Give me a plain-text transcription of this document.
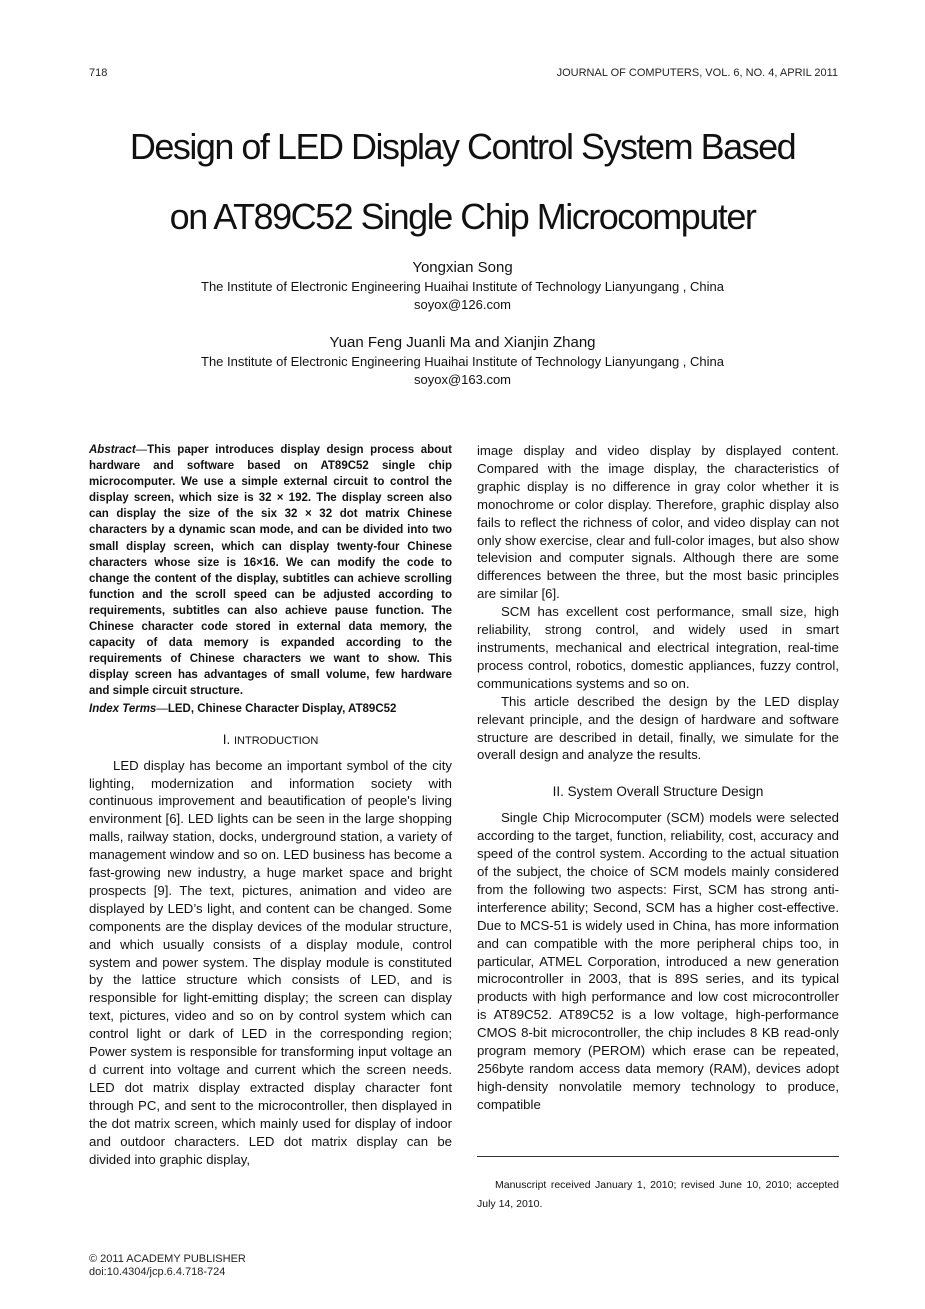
718	JOURNAL OF COMPUTERS, VOL. 6, NO. 4, APRIL 2011
Design of LED Display Control System Based
on AT89C52 Single Chip Microcomputer
Yongxian Song
The Institute of Electronic Engineering Huaihai Institute of Technology Lianyungang , China
soyox@126.com
Yuan Feng Juanli Ma and Xianjin Zhang
The Institute of Electronic Engineering Huaihai Institute of Technology Lianyungang , China
soyox@163.com

Abstract—This paper introduces display design process about hardware and software based on AT89C52 single chip microcomputer. We use a simple external circuit to control the display screen, which size is 32 × 192. The display screen also can display the size of the six 32 × 32 dot matrix Chinese characters by a dynamic scan mode, and can be divided into two small display screen, which can display twenty-four Chinese characters whose size is 16×16. We can modify the code to change the content of the display, subtitles can achieve scrolling function and the scroll speed can be adjusted according to requirements, subtitles can also achieve pause function. The Chinese character code stored in external data memory, the capacity of data memory is expanded according to the requirements of Chinese characters we want to show. This display screen has advantages of small volume, few hardware and simple circuit structure.

Index Terms—LED, Chinese Character Display, AT89C52

I. INTRODUCTION

LED display has become an important symbol of the city lighting, modernization and information society with continuous improvement and beautification of people's living environment [6]. LED lights can be seen in the large shopping malls, railway station, docks, underground station, a variety of management window and so on. LED business has become a fast-growing new industry, a huge market space and bright prospects [9]. The text, pictures, animation and video are displayed by LED’s light, and content can be changed. Some components are the display devices of the modular structure, and which usually consists of a display module, control system and power system. The display module is constituted by the lattice structure which consists of LED, and is responsible for light-emitting display; the screen can display text, pictures, video and so on by control system which can control light or dark of LED in the corresponding region; Power system is responsible for transforming input voltage an d current into voltage and current which the screen needs. LED dot matrix display extracted display character font through PC, and sent to the microcontroller, then displayed in the dot matrix screen, which mainly used for display of indoor and outdoor characters. LED dot matrix display can be divided into graphic display,

image display and video display by displayed content. Compared with the image display, the characteristics of graphic display is no difference in gray color whether it is monochrome or color display. Therefore, graphic display also fails to reflect the richness of color, and video display can not only show exercise, clear and full-color images, but also show television and computer signals. Although there are some differences between the three, but the most basic principles are similar [6].

SCM has excellent cost performance, small size, high reliability, strong control, and widely used in smart instruments, mechanical and electrical integration, real-time process control, robotics, domestic appliances, fuzzy control, communications systems and so on.

This article described the design by the LED display relevant principle, and the design of hardware and software structure are described in detail, finally, we simulate for the overall design and analyze the results.

II. System Overall Structure Design

Single Chip Microcomputer (SCM) models were selected according to the target, function, reliability, cost, accuracy and speed of the control system. According to the actual situation of the subject, the choice of SCM models mainly considered from the following two aspects: First, SCM has strong anti-interference ability; Second, SCM has a higher cost-effective. Due to MCS-51 is widely used in China, has more information and can compatible with the more peripheral chips too, in particular, ATMEL Corporation, introduced a new generation microcontroller in 2003, that is 89S series, and its typical products with high performance and low cost microcontroller is AT89C52. AT89C52 is a low voltage, high-performance CMOS 8-bit microcontroller, the chip includes 8 KB read-only program memory (PEROM) which erase can be repeated, 256byte random access data memory (RAM), devices adopt high-density nonvolatile memory technology to produce, compatible

Manuscript received January 1, 2010; revised June 10, 2010; accepted July 14, 2010.

© 2011 ACADEMY PUBLISHER
doi:10.4304/jcp.6.4.718-724
